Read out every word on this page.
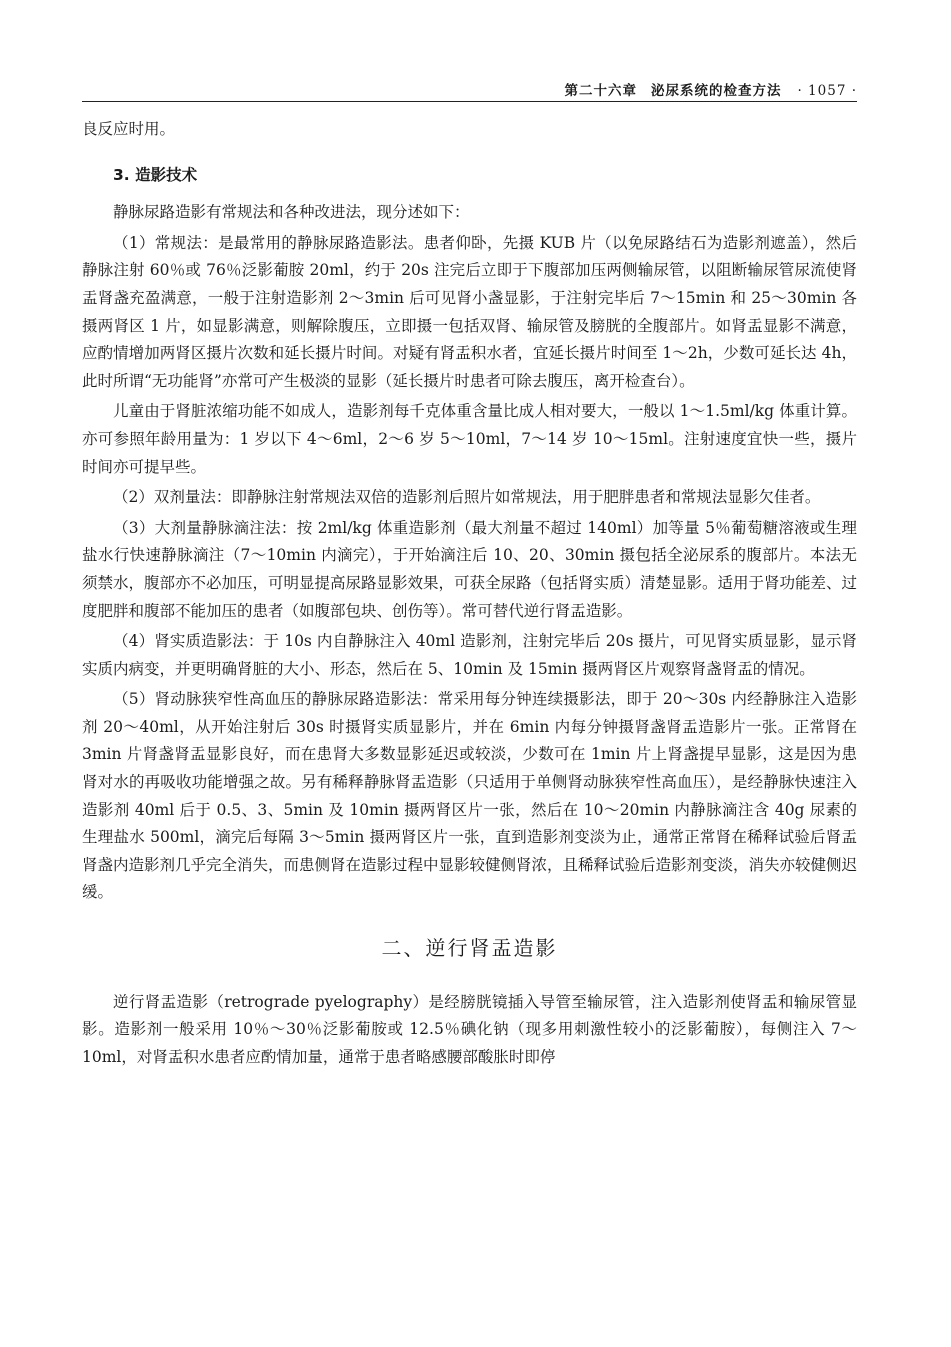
第二十六章 泌尿系统的检查方法 · 1057 ·

良反应时用。

3. 造影技术

静脉尿路造影有常规法和各种改进法，现分述如下：

（1）常规法：是最常用的静脉尿路造影法。患者仰卧，先摄 KUB 片（以免尿路结石为造影剂遮盖），然后静脉注射 60％或 76％泛影葡胺 20ml，约于 20s 注完后立即于下腹部加压两侧输尿管，以阻断输尿管尿流使肾盂肾盏充盈满意，一般于注射造影剂 2～3min 后可见肾小盏显影，于注射完毕后 7～15min 和 25～30min 各摄两肾区 1 片，如显影满意，则解除腹压，立即摄一包括双肾、输尿管及膀胱的全腹部片。如肾盂显影不满意，应酌情增加两肾区摄片次数和延长摄片时间。对疑有肾盂积水者，宜延长摄片时间至 1～2h，少数可延长达 4h，此时所谓“无功能肾”亦常可产生极淡的显影（延长摄片时患者可除去腹压，离开检查台）。

儿童由于肾脏浓缩功能不如成人，造影剂每千克体重含量比成人相对要大，一般以 1～1.5ml/kg 体重计算。亦可参照年龄用量为：1 岁以下 4～6ml，2～6 岁 5～10ml，7～14 岁 10～15ml。注射速度宜快一些，摄片时间亦可提早些。

（2）双剂量法：即静脉注射常规法双倍的造影剂后照片如常规法，用于肥胖患者和常规法显影欠佳者。

（3）大剂量静脉滴注法：按 2ml/kg 体重造影剂（最大剂量不超过 140ml）加等量 5％葡萄糖溶液或生理盐水行快速静脉滴注（7～10min 内滴完），于开始滴注后 10、20、30min 摄包括全泌尿系的腹部片。本法无须禁水，腹部亦不必加压，可明显提高尿路显影效果，可获全尿路（包括肾实质）清楚显影。适用于肾功能差、过度肥胖和腹部不能加压的患者（如腹部包块、创伤等）。常可替代逆行肾盂造影。

（4）肾实质造影法：于 10s 内自静脉注入 40ml 造影剂，注射完毕后 20s 摄片，可见肾实质显影，显示肾实质内病变，并更明确肾脏的大小、形态，然后在 5、10min 及 15min 摄两肾区片观察肾盏肾盂的情况。

（5）肾动脉狭窄性高血压的静脉尿路造影法：常采用每分钟连续摄影法，即于 20～30s 内经静脉注入造影剂 20～40ml，从开始注射后 30s 时摄肾实质显影片，并在 6min 内每分钟摄肾盏肾盂造影片一张。正常肾在 3min 片肾盏肾盂显影良好，而在患肾大多数显影延迟或较淡，少数可在 1min 片上肾盏提早显影，这是因为患肾对水的再吸收功能增强之故。另有稀释静脉肾盂造影（只适用于单侧肾动脉狭窄性高血压），是经静脉快速注入造影剂 40ml 后于 0.5、3、5min 及 10min 摄两肾区片一张，然后在 10～20min 内静脉滴注含 40g 尿素的生理盐水 500ml，滴完后每隔 3～5min 摄两肾区片一张，直到造影剂变淡为止，通常正常肾在稀释试验后肾盂肾盏内造影剂几乎完全消失，而患侧肾在造影过程中显影较健侧肾浓，且稀释试验后造影剂变淡，消失亦较健侧迟缓。

二、逆行肾盂造影

逆行肾盂造影（retrograde pyelography）是经膀胱镜插入导管至输尿管，注入造影剂使肾盂和输尿管显影。造影剂一般采用 10％～30％泛影葡胺或 12.5％碘化钠（现多用刺激性较小的泛影葡胺），每侧注入 7～10ml，对肾盂积水患者应酌情加量，通常于患者略感腰部酸胀时即停
